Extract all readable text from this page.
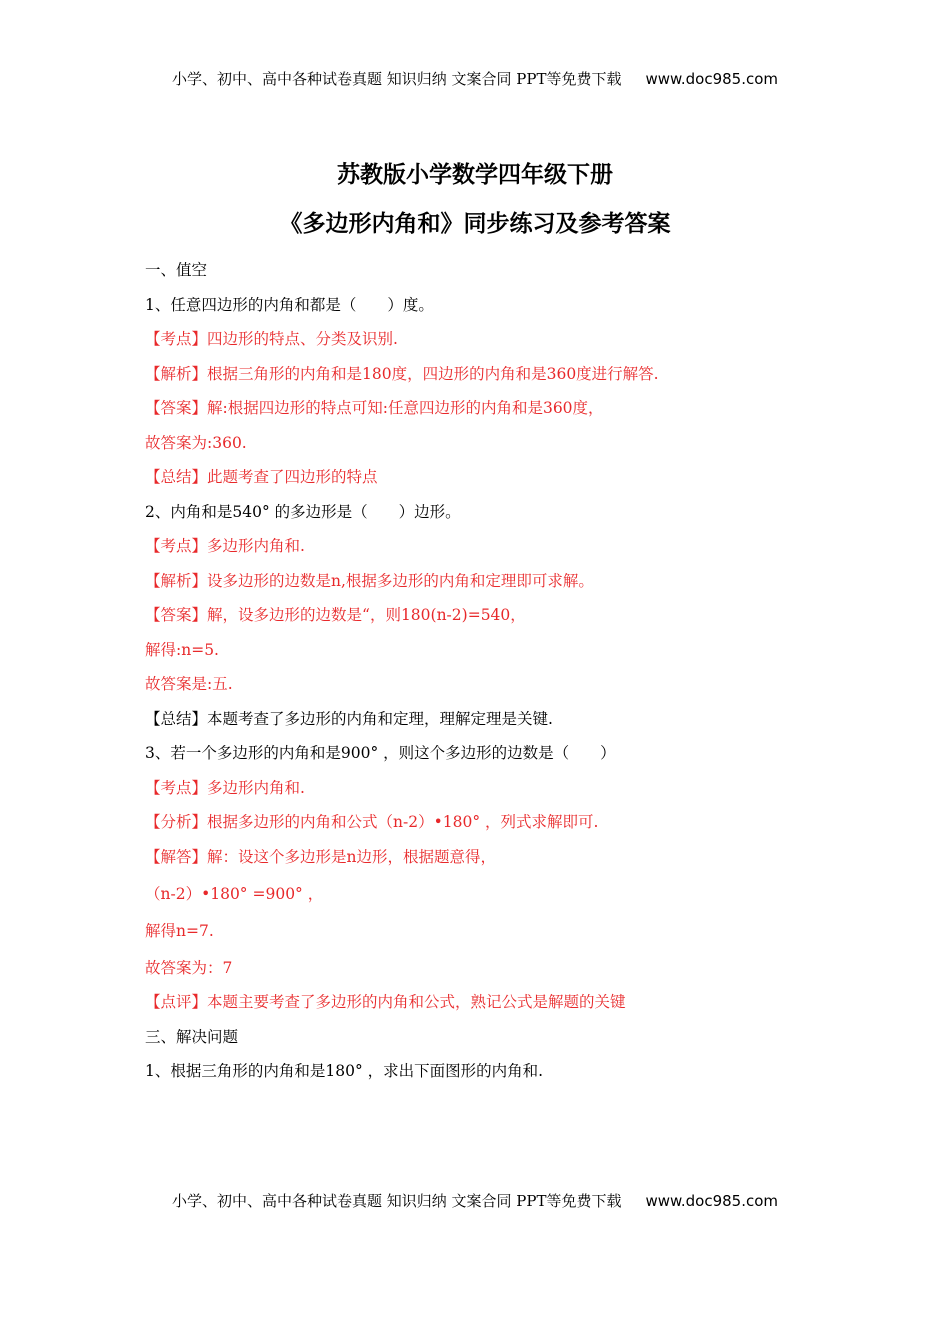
小学、初中、高中各种试卷真题 知识归纳 文案合同 PPT等免费下载 www.doc985.com
苏教版小学数学四年级下册
《多边形内角和》同步练习及参考答案
一、值空
1、任意四边形的内角和都是（　　）度。
【考点】四边形的特点、分类及识别.
【解析】根据三角形的内角和是180度，四边形的内角和是360度进行解答.
【答案】解:根据四边形的特点可知:任意四边形的内角和是360度，
故答案为:360.
【总结】此题考查了四边形的特点
2、内角和是540° 的多边形是（　　）边形。
【考点】多边形内角和.
【解析】设多边形的边数是n,根据多边形的内角和定理即可求解。
【答案】解，设多边形的边数是“，则180(n-2)=540，
解得:n=5.
故答案是:五.
【总结】本题考查了多边形的内角和定理，理解定理是关键.
3、若一个多边形的内角和是900° ，则这个多边形的边数是（　　）
【考点】多边形内角和.
【分析】根据多边形的内角和公式（n-2）•180° ，列式求解即可.
【解答】解：设这个多边形是n边形，根据题意得，
（n-2）•180° =900° ，
解得n=7.
故答案为：7
【点评】本题主要考查了多边形的内角和公式，熟记公式是解题的关键
三、解决问题
1、根据三角形的内角和是180° ，求出下面图形的内角和.
小学、初中、高中各种试卷真题 知识归纳 文案合同 PPT等免费下载 www.doc985.com
